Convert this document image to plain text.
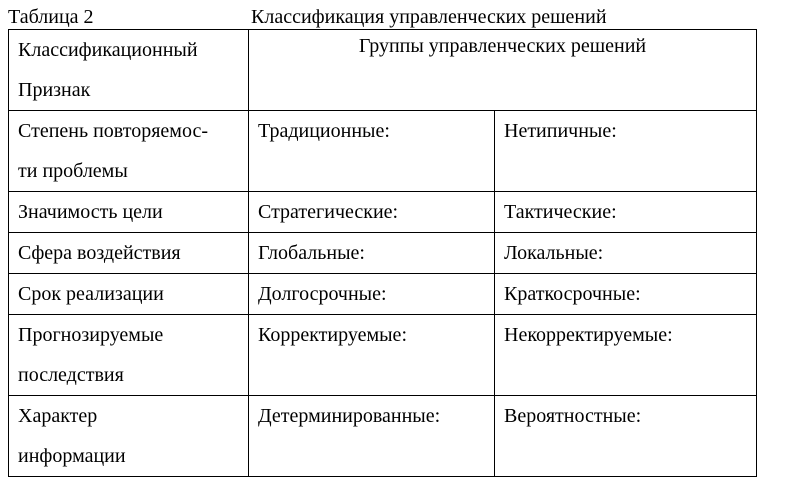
Таблица 2	Классификация управленческих решений
Классификационный
Признак	Группы управленческих решений	

Степень повторяемос-
ти проблемы	Традиционные:	Нетипичные:

Значимость цели	Стратегические:	Тактические:

Сфера воздействия	Глобальные:	Локальные:

Срок реализации	Долгосрочные:	Краткосрочные:

Прогнозируемые
последствия	Корректируемые:	Некорректируемые:

Характер
информации	Детерминированные:	Вероятностные:
